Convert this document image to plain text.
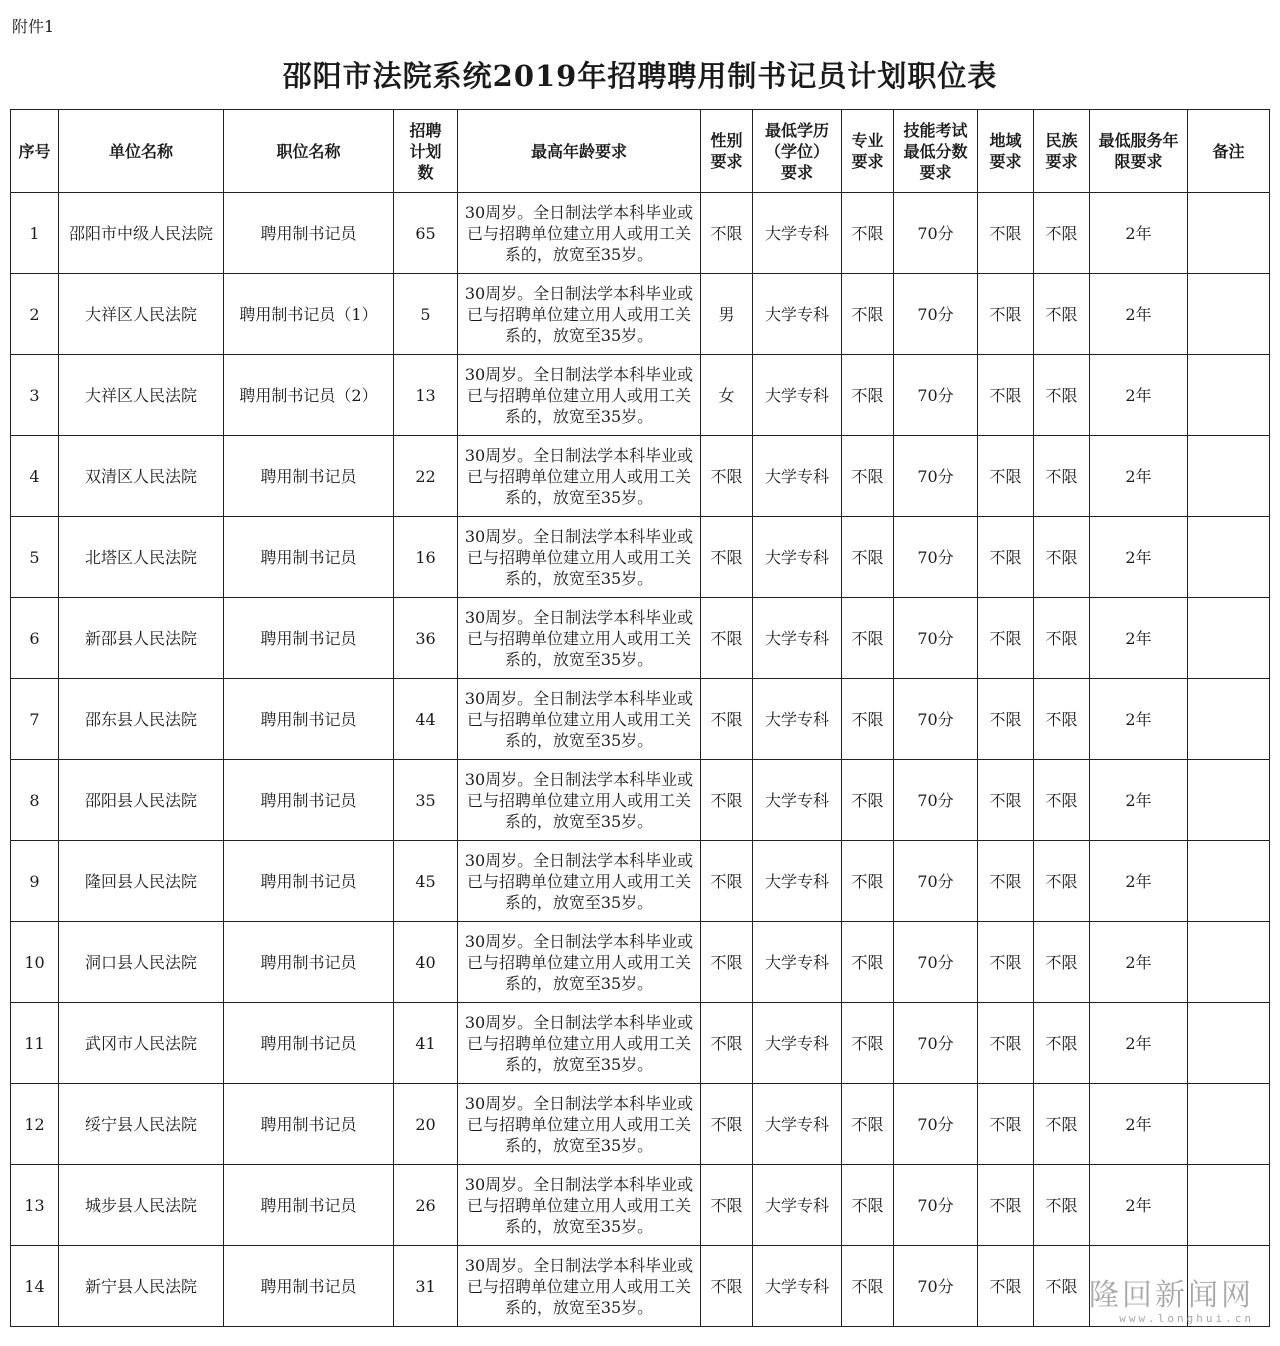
附件1
邵阳市法院系统2019年招聘聘用制书记员计划职位表
序号	单位名称	职位名称	招聘计划数	最高年龄要求	性别要求	最低学历（学位）要求	专业要求	技能考试最低分数要求	地域要求	民族要求	最低服务年限要求	备注
1	邵阳市中级人民法院	聘用制书记员	65	30周岁。全日制法学本科毕业或已与招聘单位建立用人或用工关系的，放宽至35岁。	不限	大学专科	不限	70分	不限	不限	2年	
2	大祥区人民法院	聘用制书记员（1）	5	30周岁。全日制法学本科毕业或已与招聘单位建立用人或用工关系的，放宽至35岁。	男	大学专科	不限	70分	不限	不限	2年	
3	大祥区人民法院	聘用制书记员（2）	13	30周岁。全日制法学本科毕业或已与招聘单位建立用人或用工关系的，放宽至35岁。	女	大学专科	不限	70分	不限	不限	2年	
4	双清区人民法院	聘用制书记员	22	30周岁。全日制法学本科毕业或已与招聘单位建立用人或用工关系的，放宽至35岁。	不限	大学专科	不限	70分	不限	不限	2年	
5	北塔区人民法院	聘用制书记员	16	30周岁。全日制法学本科毕业或已与招聘单位建立用人或用工关系的，放宽至35岁。	不限	大学专科	不限	70分	不限	不限	2年	
6	新邵县人民法院	聘用制书记员	36	30周岁。全日制法学本科毕业或已与招聘单位建立用人或用工关系的，放宽至35岁。	不限	大学专科	不限	70分	不限	不限	2年	
7	邵东县人民法院	聘用制书记员	44	30周岁。全日制法学本科毕业或已与招聘单位建立用人或用工关系的，放宽至35岁。	不限	大学专科	不限	70分	不限	不限	2年	
8	邵阳县人民法院	聘用制书记员	35	30周岁。全日制法学本科毕业或已与招聘单位建立用人或用工关系的，放宽至35岁。	不限	大学专科	不限	70分	不限	不限	2年	
9	隆回县人民法院	聘用制书记员	45	30周岁。全日制法学本科毕业或已与招聘单位建立用人或用工关系的，放宽至35岁。	不限	大学专科	不限	70分	不限	不限	2年	
10	洞口县人民法院	聘用制书记员	40	30周岁。全日制法学本科毕业或已与招聘单位建立用人或用工关系的，放宽至35岁。	不限	大学专科	不限	70分	不限	不限	2年	
11	武冈市人民法院	聘用制书记员	41	30周岁。全日制法学本科毕业或已与招聘单位建立用人或用工关系的，放宽至35岁。	不限	大学专科	不限	70分	不限	不限	2年	
12	绥宁县人民法院	聘用制书记员	20	30周岁。全日制法学本科毕业或已与招聘单位建立用人或用工关系的，放宽至35岁。	不限	大学专科	不限	70分	不限	不限	2年	
13	城步县人民法院	聘用制书记员	26	30周岁。全日制法学本科毕业或已与招聘单位建立用人或用工关系的，放宽至35岁。	不限	大学专科	不限	70分	不限	不限	2年	
14	新宁县人民法院	聘用制书记员	31	30周岁。全日制法学本科毕业或已与招聘单位建立用人或用工关系的，放宽至35岁。	不限	大学专科	不限	70分	不限	不限		隆回新闻网
www.longhui.cn
